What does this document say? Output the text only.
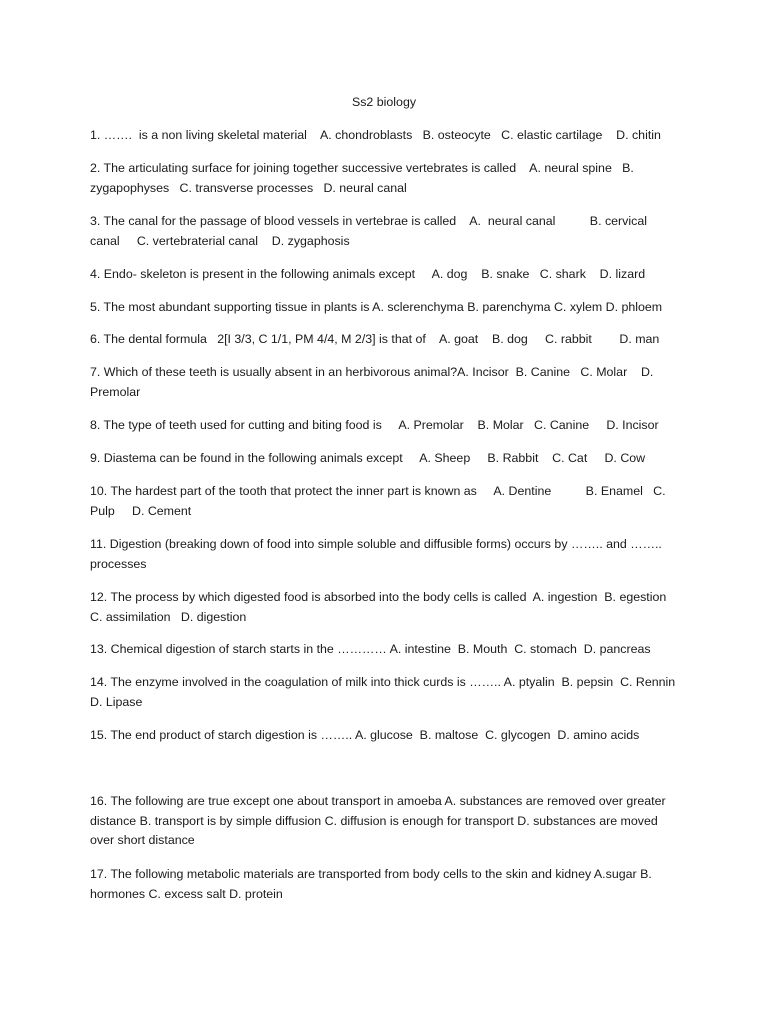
Ss2 biology

1. …….  is a non living skeletal material    A. chondroblasts   B. osteocyte   C. elastic cartilage    D. chitin

2. The articulating surface for joining together successive vertebrates is called    A. neural spine   B. zygapophyses   C. transverse processes   D. neural canal

3. The canal for the passage of blood vessels in vertebrae is called    A.  neural canal          B. cervical canal     C. vertebraterial canal    D. zygaphosis

4. Endo- skeleton is present in the following animals except     A. dog    B. snake   C. shark    D. lizard

5. The most abundant supporting tissue in plants is A. sclerenchyma B. parenchyma C. xylem D. phloem

6. The dental formula   2[I 3/3, C 1/1, PM 4/4, M 2/3] is that of    A. goat    B. dog     C. rabbit        D. man

7. Which of these teeth is usually absent in an herbivorous animal?A. Incisor  B. Canine   C. Molar    D. Premolar

8. The type of teeth used for cutting and biting food is     A. Premolar    B. Molar   C. Canine     D. Incisor

9. Diastema can be found in the following animals except     A. Sheep     B. Rabbit    C. Cat     D. Cow

10. The hardest part of the tooth that protect the inner part is known as     A. Dentine          B. Enamel   C. Pulp     D. Cement

11. Digestion (breaking down of food into simple soluble and diffusible forms) occurs by …….. and …….. processes

12. The process by which digested food is absorbed into the body cells is called  A. ingestion  B. egestion  C. assimilation   D. digestion

13. Chemical digestion of starch starts in the ………… A. intestine  B. Mouth  C. stomach  D. pancreas

14. The enzyme involved in the coagulation of milk into thick curds is …….. A. ptyalin  B. pepsin  C. Rennin  D. Lipase

15. The end product of starch digestion is …….. A. glucose  B. maltose  C. glycogen  D. amino acids

16. The following are true except one about transport in amoeba A. substances are removed over greater distance B. transport is by simple diffusion C. diffusion is enough for transport D. substances are moved over short distance

17. The following metabolic materials are transported from body cells to the skin and kidney A.sugar B. hormones C. excess salt D. protein
